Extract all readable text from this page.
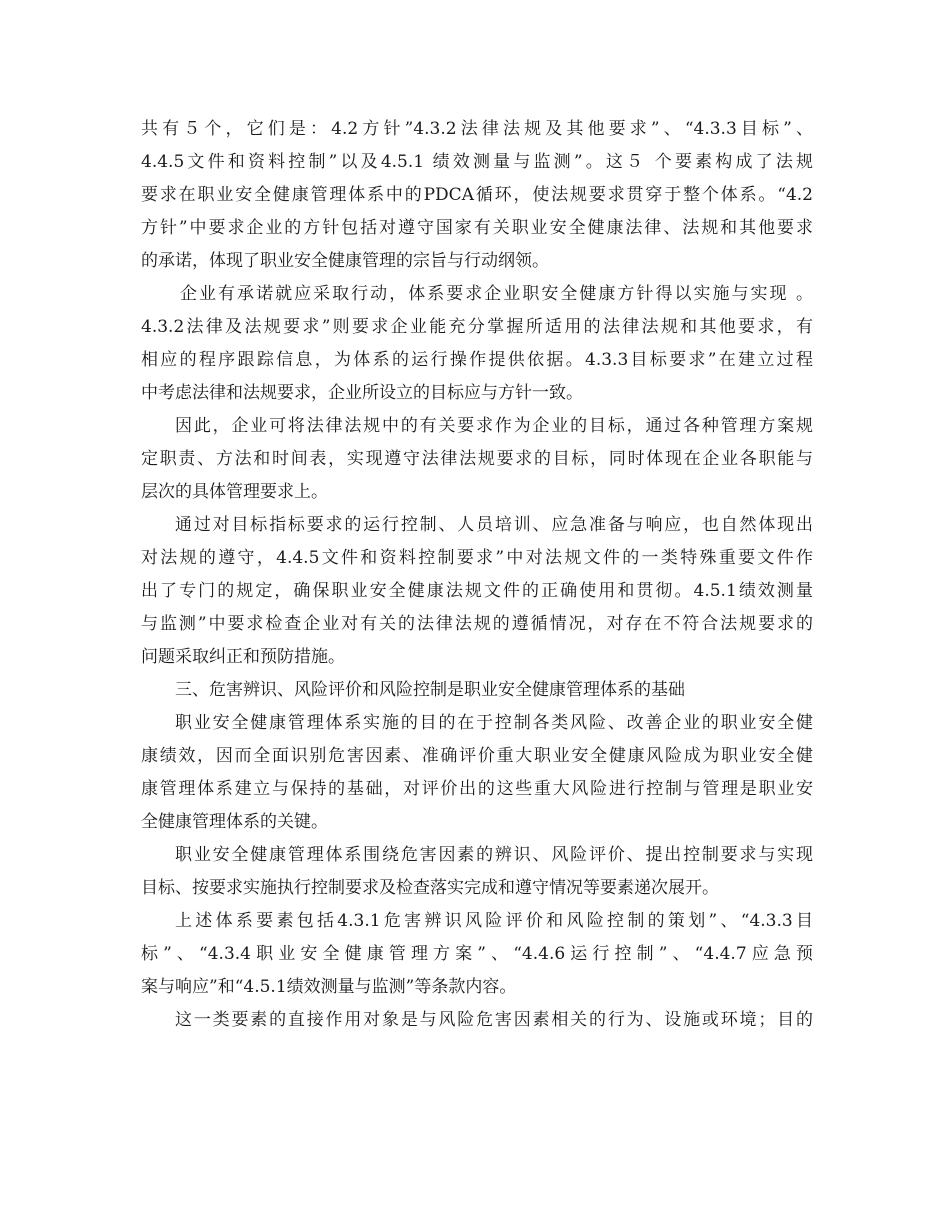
共有５个，它们是：4.2方针”4.3.2法律法规及其他要求”、“4.3.3目标”、
4.4.5文件和资料控制”以及4.5.1 绩效测量与监测”。这５ 个要素构成了法规
要求在职业安全健康管理体系中的PDCA循环，使法规要求贯穿于整个体系。“4.2
方针”中要求企业的方针包括对遵守国家有关职业安全健康法律、法规和其他要求
的承诺，体现了职业安全健康管理的宗旨与行动纲领。
企业有承诺就应采取行动，体系要求企业职安全健康方针得以实施与实现 。
4.3.2法律及法规要求”则要求企业能充分掌握所适用的法律法规和其他要求，有
相应的程序跟踪信息，为体系的运行操作提供依据。4.3.3目标要求”在建立过程
中考虑法律和法规要求，企业所设立的目标应与方针一致。
因此，企业可将法律法规中的有关要求作为企业的目标，通过各种管理方案规
定职责、方法和时间表，实现遵守法律法规要求的目标，同时体现在企业各职能与
层次的具体管理要求上。
通过对目标指标要求的运行控制、人员培训、应急准备与响应，也自然体现出
对法规的遵守，4.4.5文件和资料控制要求”中对法规文件的一类特殊重要文件作
出了专门的规定，确保职业安全健康法规文件的正确使用和贯彻。4.5.1绩效测量
与监测”中要求检查企业对有关的法律法规的遵循情况，对存在不符合法规要求的
问题采取纠正和预防措施。
三、危害辨识、风险评价和风险控制是职业安全健康管理体系的基础
职业安全健康管理体系实施的目的在于控制各类风险、改善企业的职业安全健
康绩效，因而全面识别危害因素、准确评价重大职业安全健康风险成为职业安全健
康管理体系建立与保持的基础，对评价出的这些重大风险进行控制与管理是职业安
全健康管理体系的关键。
职业安全健康管理体系围绕危害因素的辨识、风险评价、提出控制要求与实现
目标、按要求实施执行控制要求及检查落实完成和遵守情况等要素递次展开。
上述体系要素包括4.3.1危害辨识风险评价和风险控制的策划”、“4.3.3目
标”、“4.3.4职业安全健康管理方案”、“4.4.6运行控制”、“4.4.7应急预
案与响应”和“4.5.1绩效测量与监测”等条款内容。
这一类要素的直接作用对象是与风险危害因素相关的行为、设施或环境；目的
